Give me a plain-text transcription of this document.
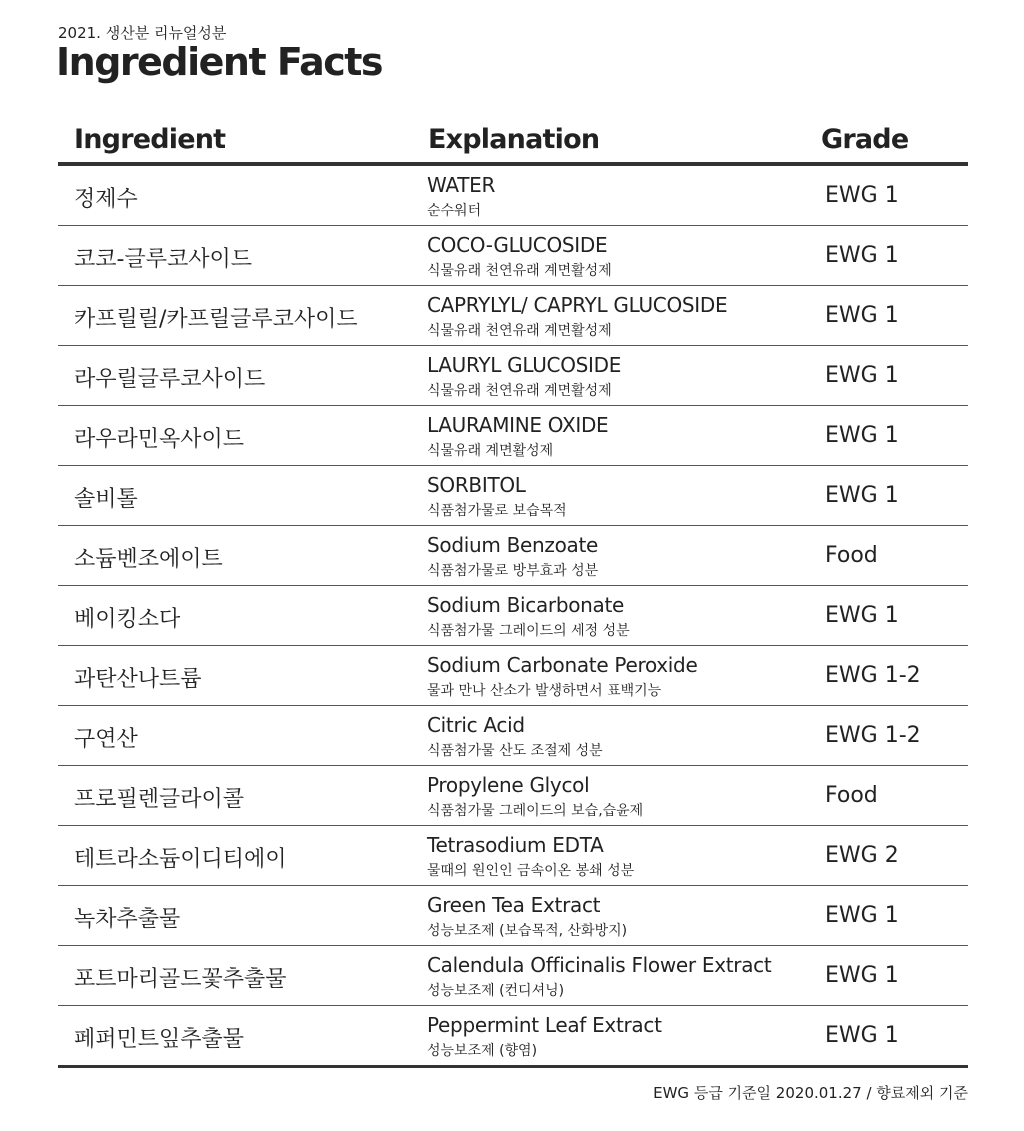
2021. 생산분 리뉴얼성분
Ingredient Facts
Ingredient	Explanation	Grade
정제수
WATER
순수워터
EWG 1
코코-글루코사이드
COCO-GLUCOSIDE
식물유래 천연유래 계면활성제
EWG 1
카프릴릴/카프릴글루코사이드
CAPRYLYL/ CAPRYL GLUCOSIDE
식물유래 천연유래 계면활성제
EWG 1
라우릴글루코사이드
LAURYL GLUCOSIDE
식물유래 천연유래 계면활성제
EWG 1
라우라민옥사이드
LAURAMINE OXIDE
식물유래 계면활성제
EWG 1
솔비톨
SORBITOL
식품첨가물로 보습목적
EWG 1
소듐벤조에이트
Sodium Benzoate
식품첨가물로 방부효과 성분
Food
베이킹소다
Sodium Bicarbonate
식품첨가물 그레이드의 세정 성분
EWG 1
과탄산나트륨
Sodium Carbonate Peroxide
물과 만나 산소가 발생하면서 표백기능
EWG 1-2
구연산
Citric Acid
식품첨가물 산도 조절제 성분
EWG 1-2
프로필렌글라이콜
Propylene Glycol
식품첨가물 그레이드의 보습,습윤제
Food
테트라소듐이디티에이
Tetrasodium EDTA
물때의 원인인 금속이온 봉쇄 성분
EWG 2
녹차추출물
Green Tea Extract
성능보조제 (보습목적, 산화방지)
EWG 1
포트마리골드꽃추출물
Calendula Officinalis Flower Extract
성능보조제 (컨디셔닝)
EWG 1
페퍼민트잎추출물
Peppermint Leaf Extract
성능보조제 (향염)
EWG 1
EWG 등급 기준일 2020.01.27 / 향료제외 기준
